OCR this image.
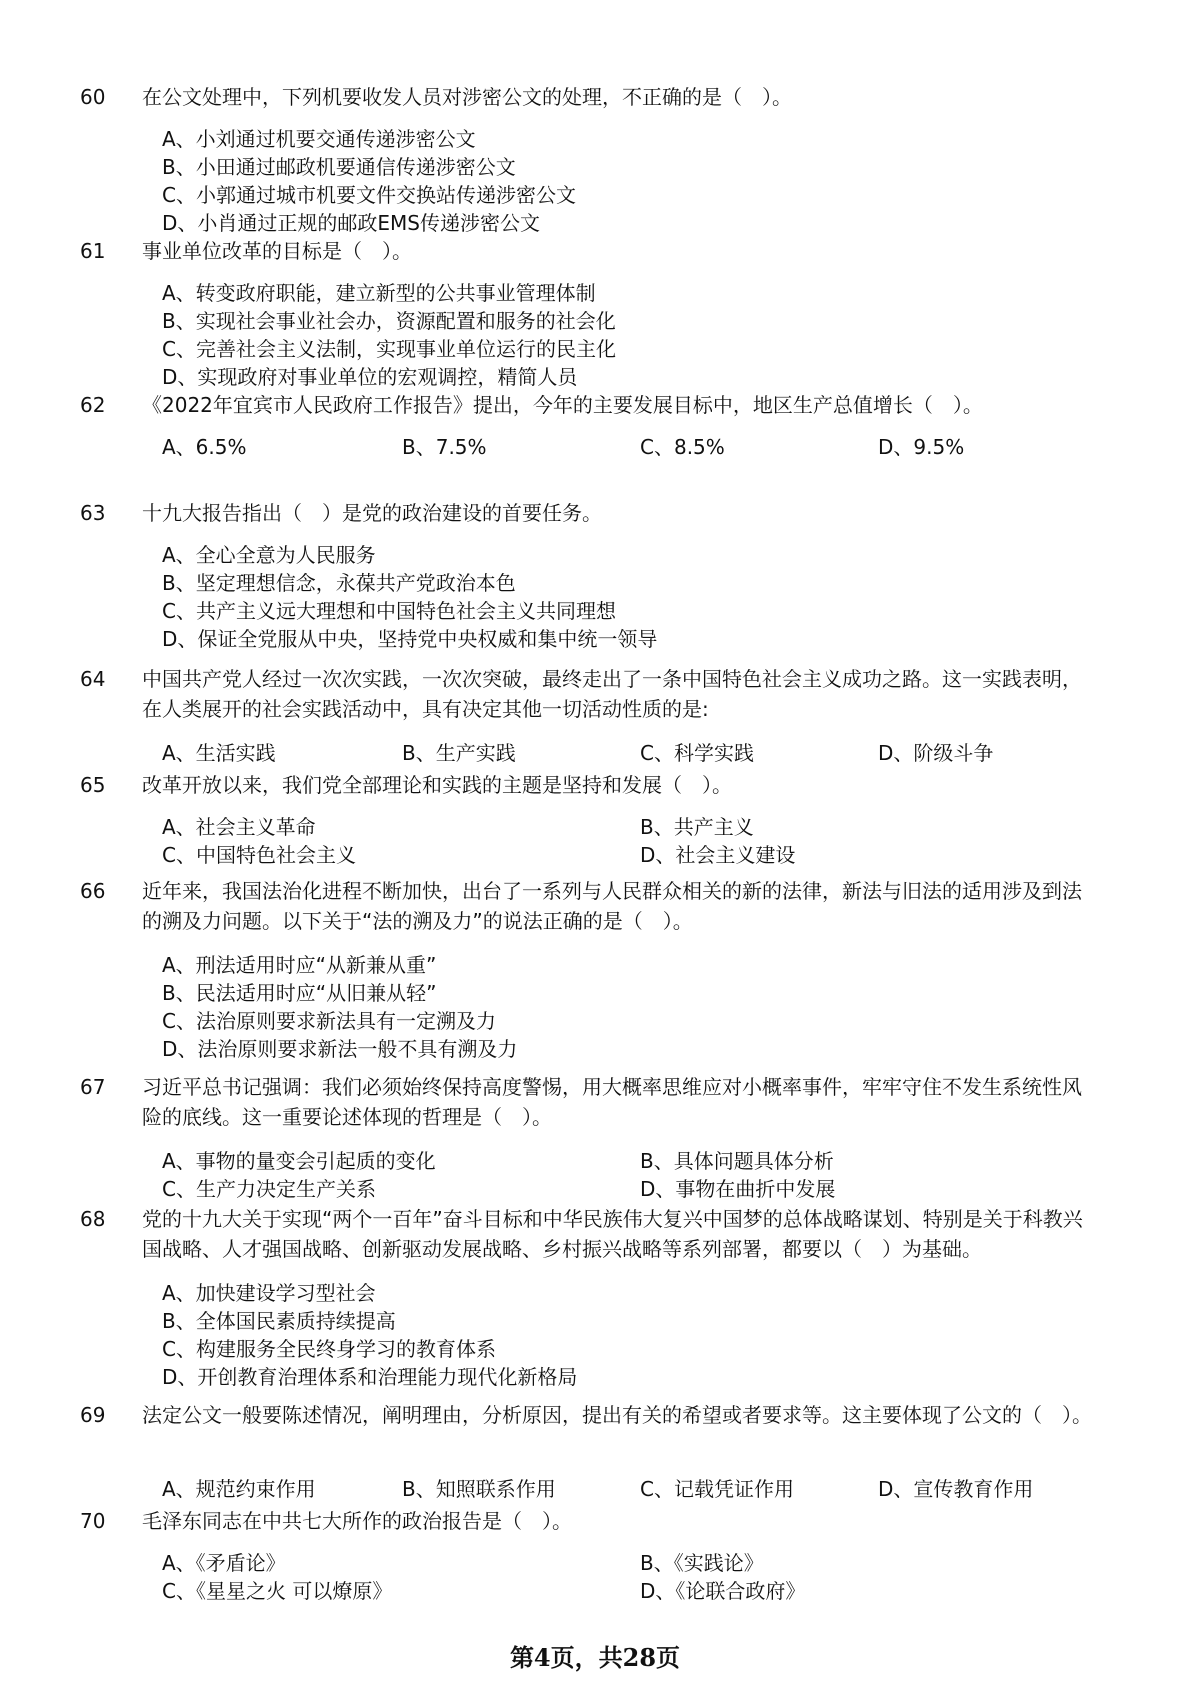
60 在公文处理中，下列机要收发人员对涉密公文的处理，不正确的是（　）。
A、小刘通过机要交通传递涉密公文
B、小田通过邮政机要通信传递涉密公文
C、小郭通过城市机要文件交换站传递涉密公文
D、小肖通过正规的邮政EMS传递涉密公文
61 事业单位改革的目标是（　）。
A、转变政府职能，建立新型的公共事业管理体制
B、实现社会事业社会办，资源配置和服务的社会化
C、完善社会主义法制，实现事业单位运行的民主化
D、实现政府对事业单位的宏观调控，精简人员
62 《2022年宜宾市人民政府工作报告》提出，今年的主要发展目标中，地区生产总值增长（　）。
A、6.5%	B、7.5%	C、8.5%	D、9.5%
63 十九大报告指出（　）是党的政治建设的首要任务。
A、全心全意为人民服务
B、坚定理想信念，永葆共产党政治本色
C、共产主义远大理想和中国特色社会主义共同理想
D、保证全党服从中央，坚持党中央权威和集中统一领导
64 中国共产党人经过一次次实践，一次次突破，最终走出了一条中国特色社会主义成功之路。这一实践表明，在人类展开的社会实践活动中，具有决定其他一切活动性质的是:
A、生活实践	B、生产实践	C、科学实践	D、阶级斗争
65 改革开放以来，我们党全部理论和实践的主题是坚持和发展（　）。
A、社会主义革命	B、共产主义
C、中国特色社会主义	D、社会主义建设
66 近年来，我国法治化进程不断加快，出台了一系列与人民群众相关的新的法律，新法与旧法的适用涉及到法的溯及力问题。以下关于“法的溯及力”的说法正确的是（　）。
A、刑法适用时应“从新兼从重”
B、民法适用时应“从旧兼从轻”
C、法治原则要求新法具有一定溯及力
D、法治原则要求新法一般不具有溯及力
67 习近平总书记强调：我们必须始终保持高度警惕，用大概率思维应对小概率事件，牢牢守住不发生系统性风险的底线。这一重要论述体现的哲理是（　）。
A、事物的量变会引起质的变化	B、具体问题具体分析
C、生产力决定生产关系	D、事物在曲折中发展
68 党的十九大关于实现“两个一百年”奋斗目标和中华民族伟大复兴中国梦的总体战略谋划、特别是关于科教兴国战略、人才强国战略、创新驱动发展战略、乡村振兴战略等系列部署，都要以（　）为基础。
A、加快建设学习型社会
B、全体国民素质持续提高
C、构建服务全民终身学习的教育体系
D、开创教育治理体系和治理能力现代化新格局
69 法定公文一般要陈述情况，阐明理由，分析原因，提出有关的希望或者要求等。这主要体现了公文的（　）。
A、规范约束作用	B、知照联系作用	C、记载凭证作用	D、宣传教育作用
70 毛泽东同志在中共七大所作的政治报告是（　）。
A、《矛盾论》	B、《实践论》
C、《星星之火 可以燎原》	D、《论联合政府》
第4页，共28页
